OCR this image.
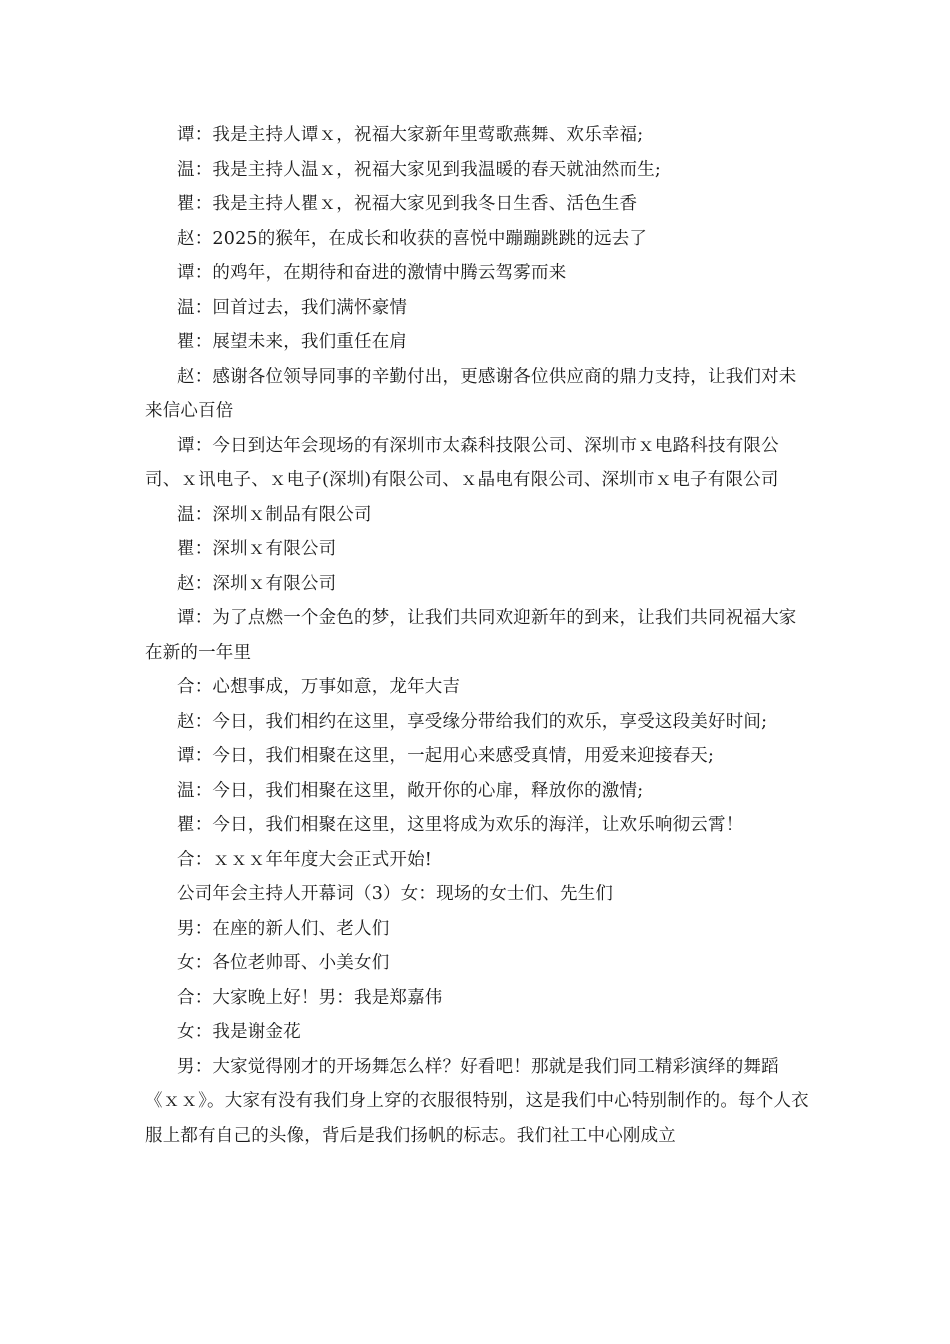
谭：我是主持人谭ｘ，祝福大家新年里莺歌燕舞、欢乐幸福;

温：我是主持人温ｘ，祝福大家见到我温暖的春天就油然而生;

瞿：我是主持人瞿ｘ，祝福大家见到我冬日生香、活色生香

赵：2025的猴年，在成长和收获的喜悦中蹦蹦跳跳的远去了

谭：的鸡年，在期待和奋进的激情中腾云驾雾而来

温：回首过去，我们满怀豪情

瞿：展望未来，我们重任在肩

赵：感谢各位领导同事的辛勤付出，更感谢各位供应商的鼎力支持，让我们对未来信心百倍

谭：今日到达年会现场的有深圳市太森科技限公司、深圳市ｘ电路科技有限公司、ｘ讯电子、ｘ电子(深圳)有限公司、ｘ晶电有限公司、深圳市ｘ电子有限公司

温：深圳ｘ制品有限公司

瞿：深圳ｘ有限公司

赵：深圳ｘ有限公司

谭：为了点燃一个金色的梦，让我们共同欢迎新年的到来，让我们共同祝福大家在新的一年里

合：心想事成，万事如意，龙年大吉

赵：今日，我们相约在这里，享受缘分带给我们的欢乐，享受这段美好时间;

谭：今日，我们相聚在这里，一起用心来感受真情，用爱来迎接春天;

温：今日，我们相聚在这里，敞开你的心扉，释放你的激情;

瞿：今日，我们相聚在这里，这里将成为欢乐的海洋，让欢乐响彻云霄！

合：ｘｘｘ年年度大会正式开始!

公司年会主持人开幕词（3）女：现场的女士们、先生们

男：在座的新人们、老人们

女：各位老帅哥、小美女们

合：大家晚上好！男：我是郑嘉伟

女：我是谢金花

男：大家觉得刚才的开场舞怎么样？好看吧！那就是我们同工精彩演绎的舞蹈《ｘｘ》。大家有没有我们身上穿的衣服很特别，这是我们中心特别制作的。每个人衣服上都有自己的头像，背后是我们扬帆的标志。我们社工中心刚成立
